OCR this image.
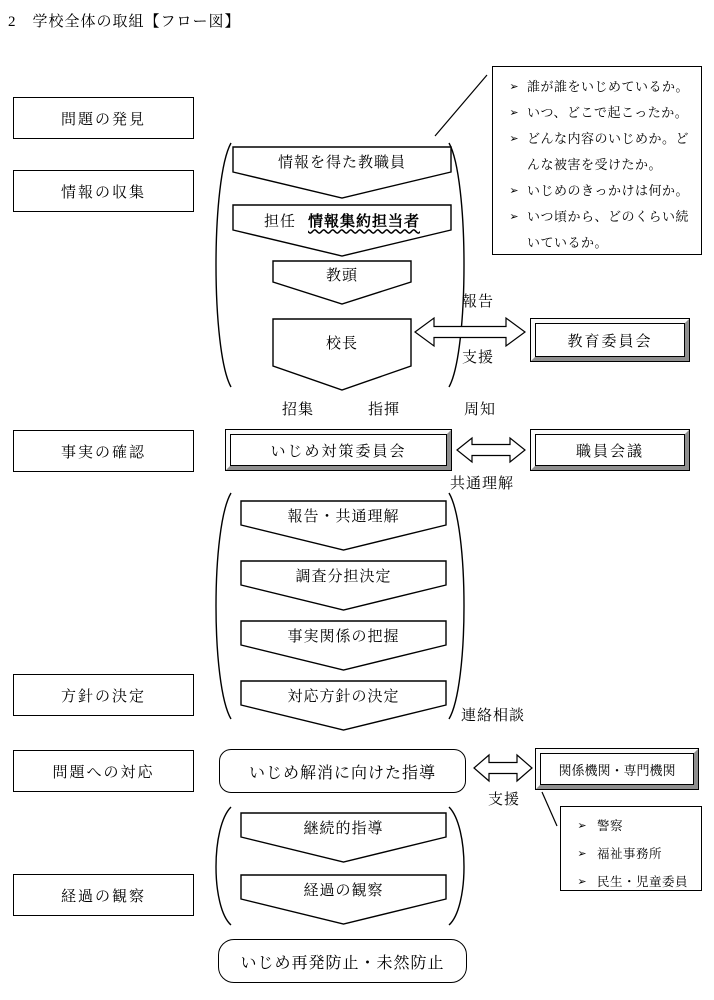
2　学校全体の取組【フロー図】
問題の発見
情報の収集
事実の確認
方針の決定
問題への対応
経過の観察
➢ 誰が誰をいじめているか。
➢ いつ、どこで起こったか。
➢ どんな内容のいじめか。どんな被害を受けたか。
➢ いじめのきっかけは何か。
➢ いつ頃から、どのくらい続いているか。
情報を得た教職員
担任 情報集約担当者
教頭
校長
報告
支援
教育委員会
招集	指揮	周知
いじめ対策委員会	職員会議
共通理解
報告・共通理解
調査分担決定
事実関係の把握
対応方針の決定
連絡相談
いじめ解消に向けた指導
支援
関係機関・専門機関
➢ 警察
➢ 福祉事務所
➢ 民生・児童委員
継続的指導
経過の観察
いじめ再発防止・未然防止
